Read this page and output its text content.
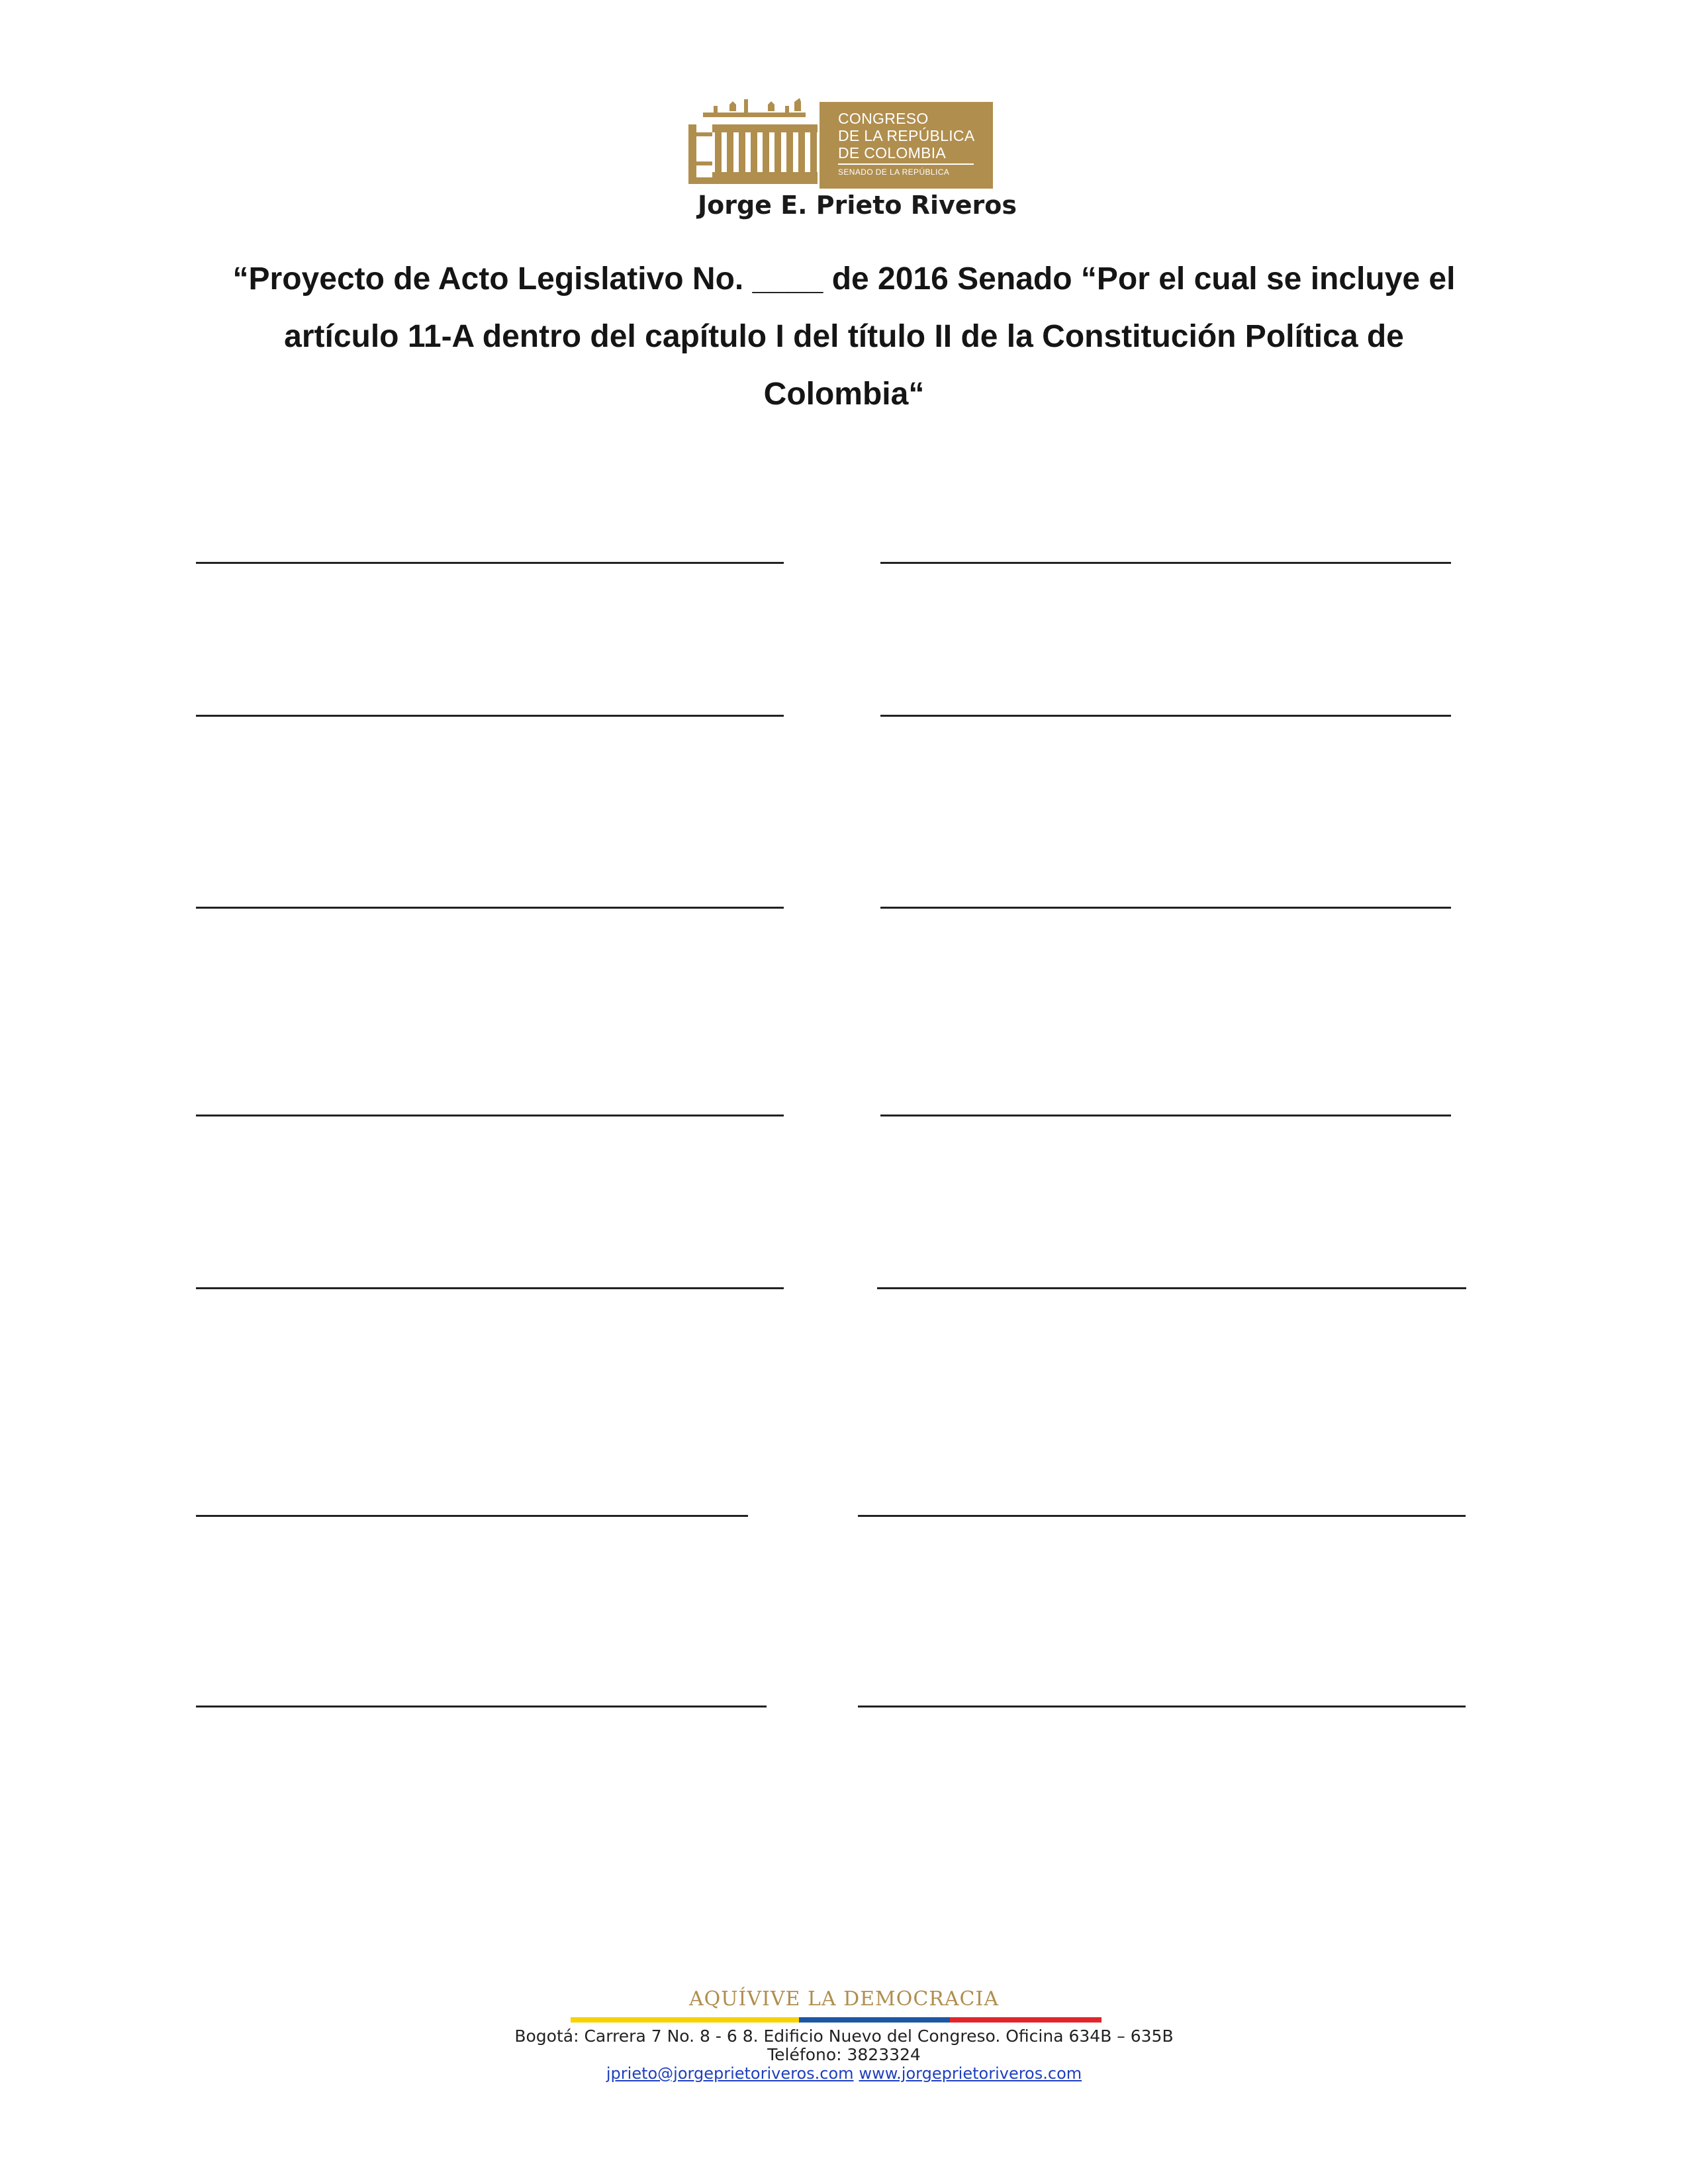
CONGRESO
DE LA REPÚBLICA
DE COLOMBIA
SENADO DE LA REPÚBLICA
Jorge E. Prieto Riveros
“Proyecto de Acto Legislativo No. ____ de 2016 Senado “Por el cual se incluye el
artículo 11-A dentro del capítulo I del título II de la Constitución Política de
Colombia“
AQUÍVIVE LA DEMOCRACIA
Bogotá: Carrera 7 No. 8 - 6 8. Edificio Nuevo del Congreso. Oficina 634B – 635B
Teléfono: 3823324
jprieto@jorgeprietoriveros.com www.jorgeprietoriveros.com
